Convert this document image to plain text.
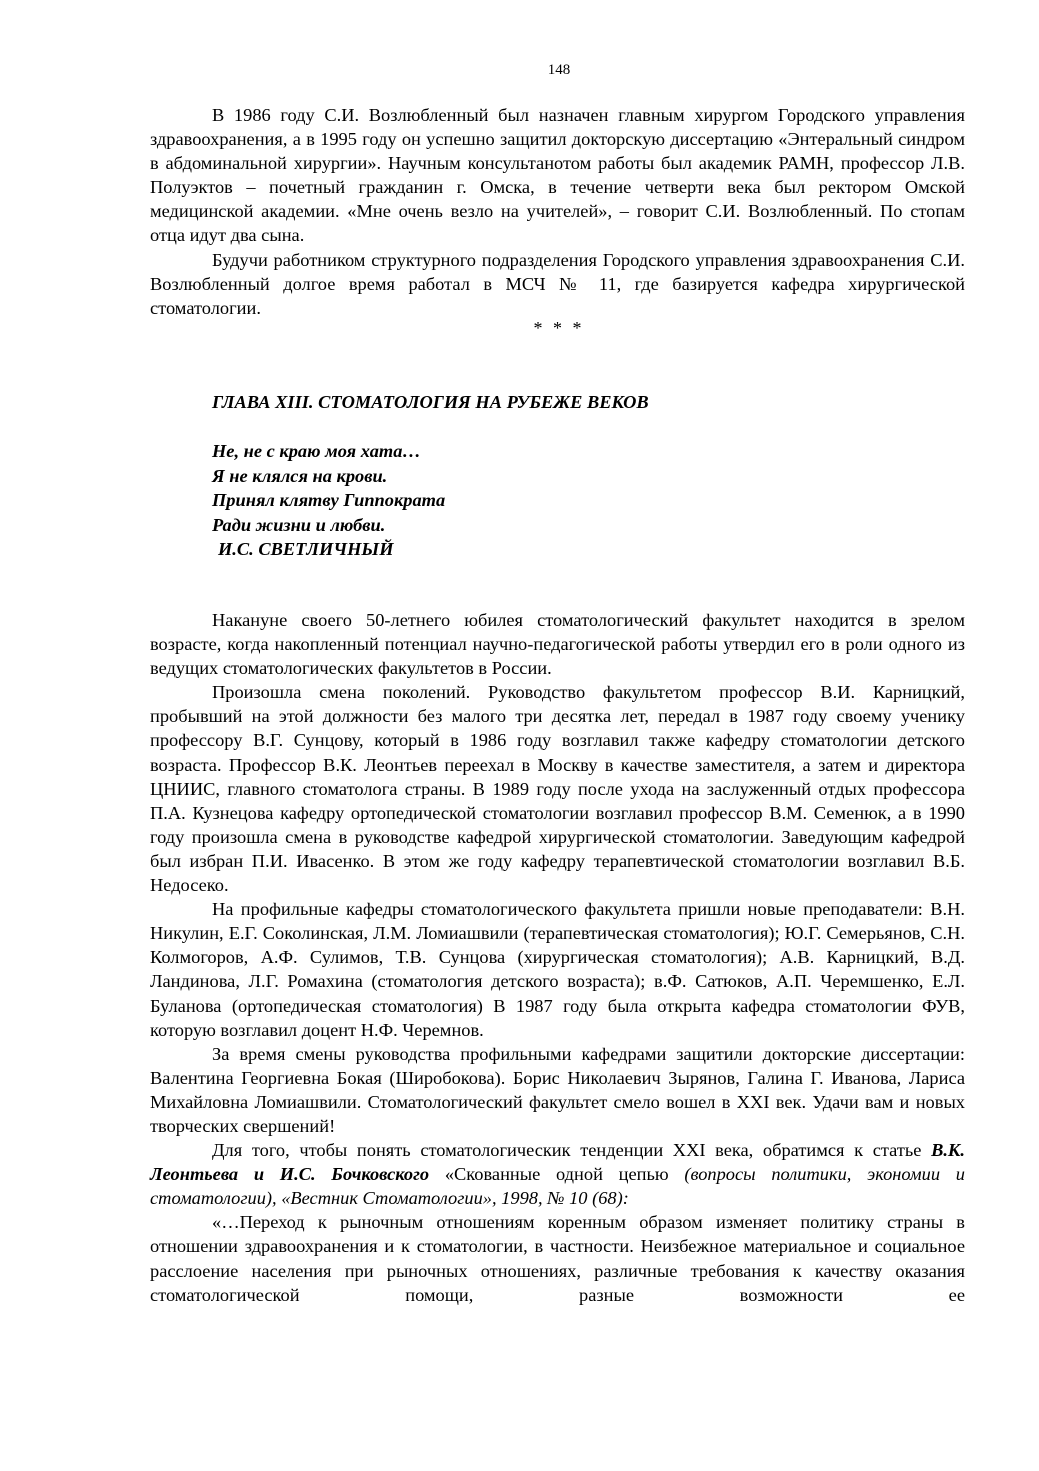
148

В 1986 году С.И. Возлюбленный был назначен главным хирургом Городского управления здравоохранения, а в 1995 году он успешно защитил докторскую диссертацию «Энтеральный синдром в абдоминальной хирургии». Научным консультанотом работы был академик РАМН, профессор Л.В. Полуэктов – почетный гражданин г. Омска, в течение четверти века был ректором Омской медицинской академии. «Мне очень везло на учителей», – говорит С.И. Возлюбленный. По стопам отца идут два сына.

Будучи работником структурного подразделения Городского управления здравоохранения С.И. Возлюбленный долгое время работал в МСЧ № 11, где базируется кафедра хирургической стоматологии.

* * *
ГЛАВА XIII. СТОМАТОЛОГИЯ НА РУБЕЖЕ ВЕКОВ
Не, не с краю моя хата…
Я не клялся на крови.
Принял клятву Гиппократа
Ради жизни и любви.
И.С. СВЕТЛИЧНЫЙ

Накануне своего 50-летнего юбилея стоматологический факультет находится в зрелом возрасте, когда накопленный потенциал научно-педагогической работы утвердил его в роли одного из ведущих стоматологических факультетов в России.

Произошла смена поколений. Руководство факультетом профессор В.И. Карницкий, пробывший на этой должности без малого три десятка лет, передал в 1987 году своему ученику профессору В.Г. Сунцову, который в 1986 году возглавил также кафедру стоматологии детского возраста. Профессор В.К. Леонтьев переехал в Москву в качестве заместителя, а затем и директора ЦНИИС, главного стоматолога страны. В 1989 году после ухода на заслуженный отдых профессора П.А. Кузнецова кафедру ортопедической стоматологии возглавил профессор В.М. Семенюк, а в 1990 году произошла смена в руководстве кафедрой хирургической стоматологии. Заведующим кафедрой был избран П.И. Ивасенко. В этом же году кафедру терапевтической стоматологии возглавил В.Б. Недосеко.

На профильные кафедры стоматологического факультета пришли новые преподаватели: В.Н. Никулин, Е.Г. Соколинская, Л.М. Ломиашвили (терапевтическая стоматология); Ю.Г. Семерьянов, С.Н. Колмогоров, А.Ф. Сулимов, Т.В. Сунцова (хирургическая стоматология); А.В. Карницкий, В.Д. Ландинова, Л.Г. Ромахина (стоматология детского возраста); в.Ф. Сатюков, А.П. Черемшенко, Е.Л. Буланова (ортопедическая стоматология) В 1987 году была открыта кафедра стоматологии ФУВ, которую возглавил доцент Н.Ф. Черемнов.

За время смены руководства профильными кафедрами защитили докторские диссертации: Валентина Георгиевна Бокая (Широбокова). Борис Николаевич Зырянов, Галина Г. Иванова, Лариса Михайловна Ломиашвили. Стоматологический факультет смело вошел в XXI век. Удачи вам и новых творческих свершений!

Для того, чтобы понять стоматологическик тенденции XXI века, обратимся к статье В.К. Леонтьева и И.С. Бочковского «Скованные одной цепью (вопросы политики, экономии и стоматологии), «Вестник Стоматологии», 1998, № 10 (68):

«…Переход к рыночным отношениям коренным образом изменяет политику страны в отношении здравоохранения и к стоматологии, в частности. Неизбежное материальное и социальное расслоение населения при рыночных отношениях, различные требования к качеству оказания стоматологической помощи, разные возможности ее
